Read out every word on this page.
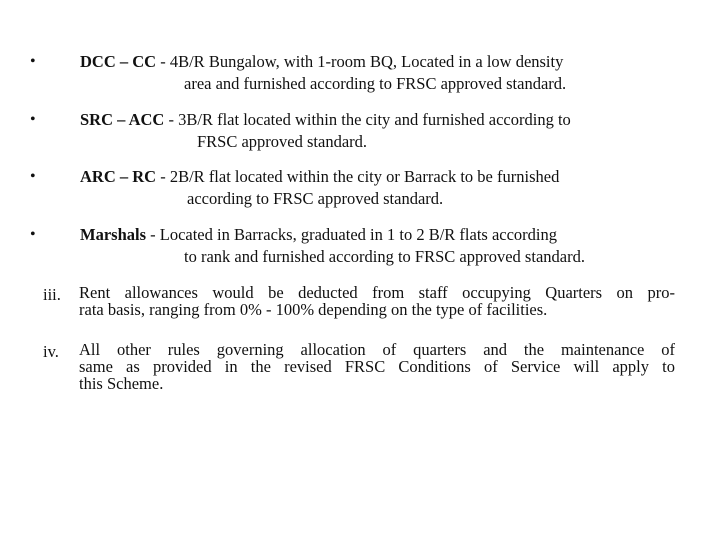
•	DCC – CC - 4B/R Bungalow, with 1-room BQ, Located in a low density
area and furnished according to FRSC approved standard.
•	SRC – ACC - 3B/R flat located within the city and furnished according to
FRSC approved standard.
•	ARC – RC - 2B/R flat located within the city or Barrack to be furnished
according to FRSC approved standard.
•	Marshals - Located in Barracks, graduated in 1 to 2 B/R flats according
to rank and furnished according to FRSC approved standard.
iii.	Rent allowances would be deducted from staff occupying Quarters on pro-
rata basis, ranging from 0% - 100% depending on the type of facilities.
iv.	All other rules governing allocation of quarters and the maintenance of
same as provided in the revised FRSC Conditions of Service will apply to
this Scheme.
